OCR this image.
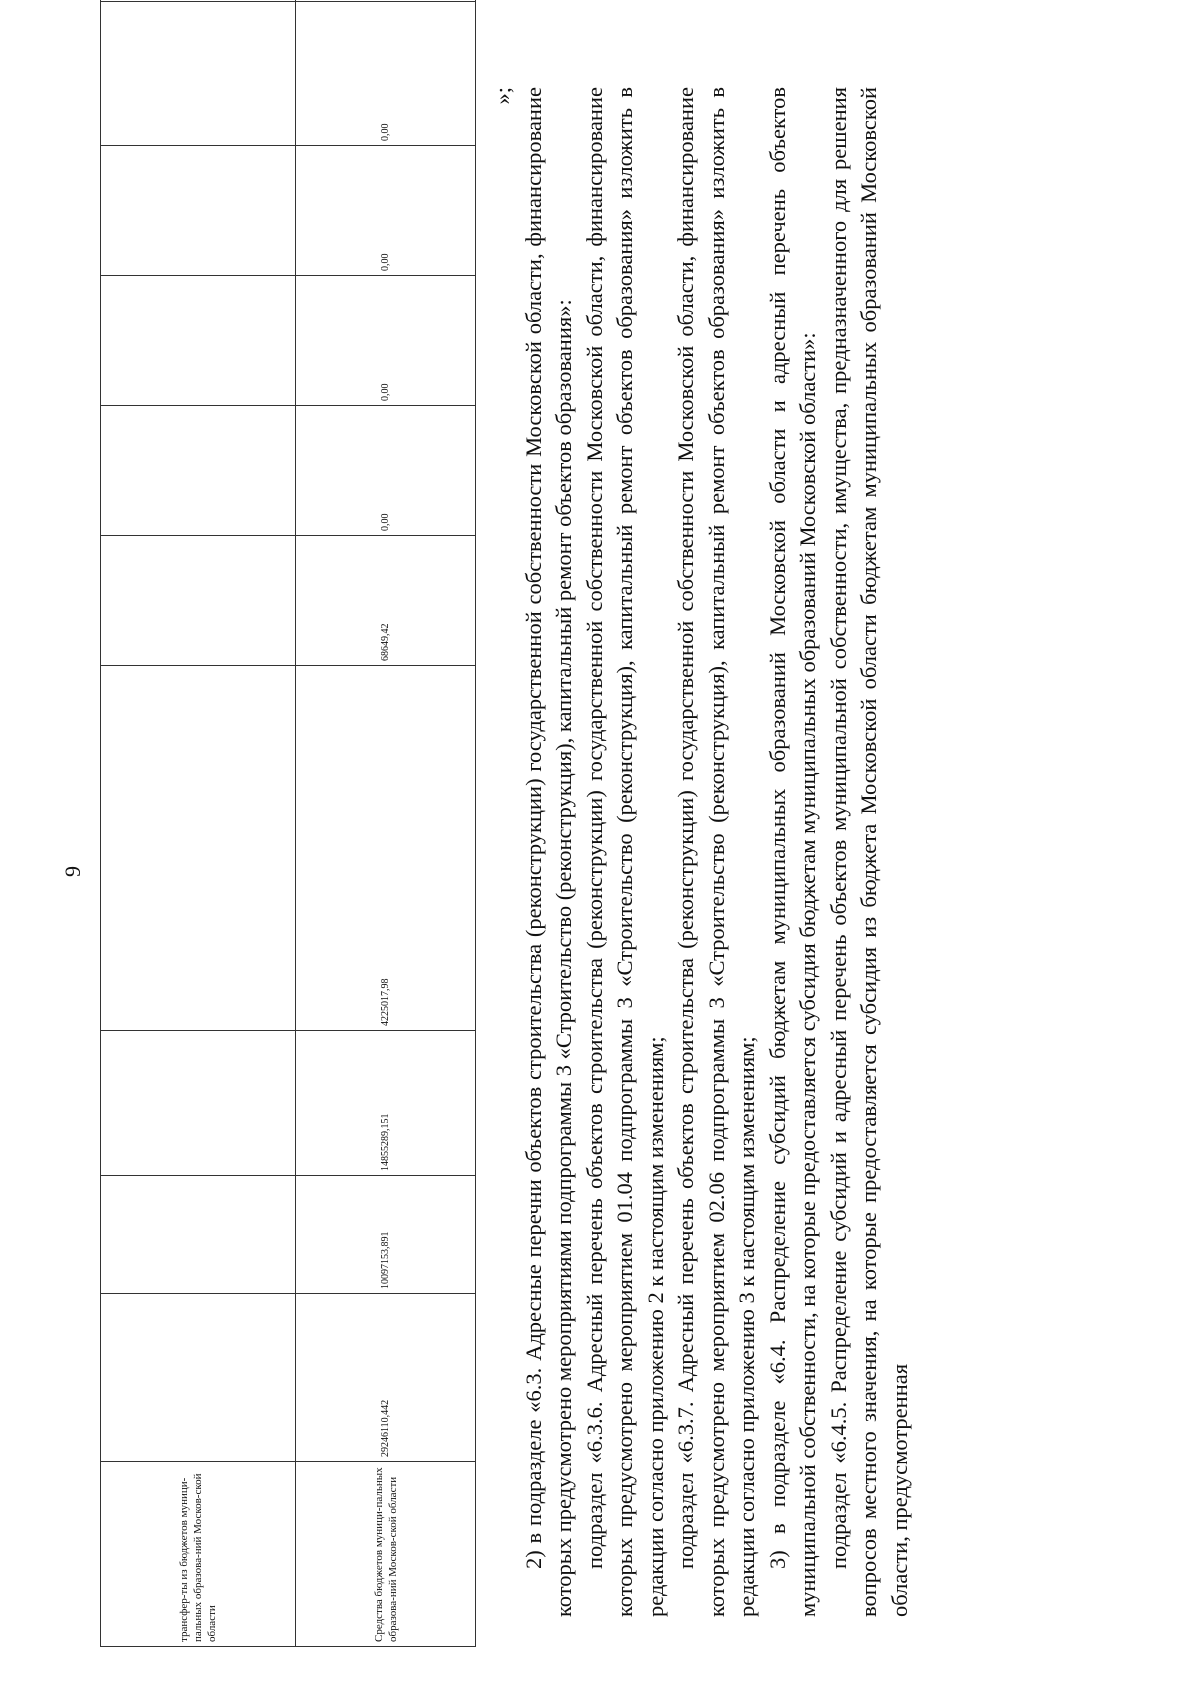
9
трансфер-ты из бюджетов муници-пальных образова-ний Москов-ской области										
Средства бюджетов муници-пальных образова-ний Москов-ской области	29246110,442	10097153,891	14855289,151	4225017,98	68649,42	0,00	0,00	0,00	0,00	

»; 2) в подразделе «6.3. Адресные перечни объектов строительства (реконструкции) государственной собственности Московской области, финансирование которых предусмотрено мероприятиями подпрограммы 3 «Строительство (реконструкция), капитальный ремонт объектов образования»: подраздел «6.3.6. Адресный перечень объектов строительства (реконструкции) государственной собственности Московской области, финансирование которых предусмотрено мероприятием 01.04 подпрограммы 3 «Строительство (реконструкция), капитальный ремонт объектов образования» изложить в редакции согласно приложению 2 к настоящим изменениям; подраздел «6.3.7. Адресный перечень объектов строительства (реконструкции) государственной собственности Московской области, финансирование которых предусмотрено мероприятием 02.06 подпрограммы 3 «Строительство (реконструкция), капитальный ремонт объектов образования» изложить в редакции согласно приложению 3 к настоящим изменениям; 3) в подразделе «6.4. Распределение субсидий бюджетам муниципальных образований Московской области и адресный перечень объектов муниципальной собственности, на которые предоставляется субсидия бюджетам муниципальных образований Московской области»: подраздел «6.4.5. Распределение субсидий и адресный перечень объектов муниципальной собственности, имущества, предназначенного для решения вопросов местного значения, на которые предоставляется субсидия из бюджета Московской области бюджетам муниципальных образований Московской области, предусмотренная
